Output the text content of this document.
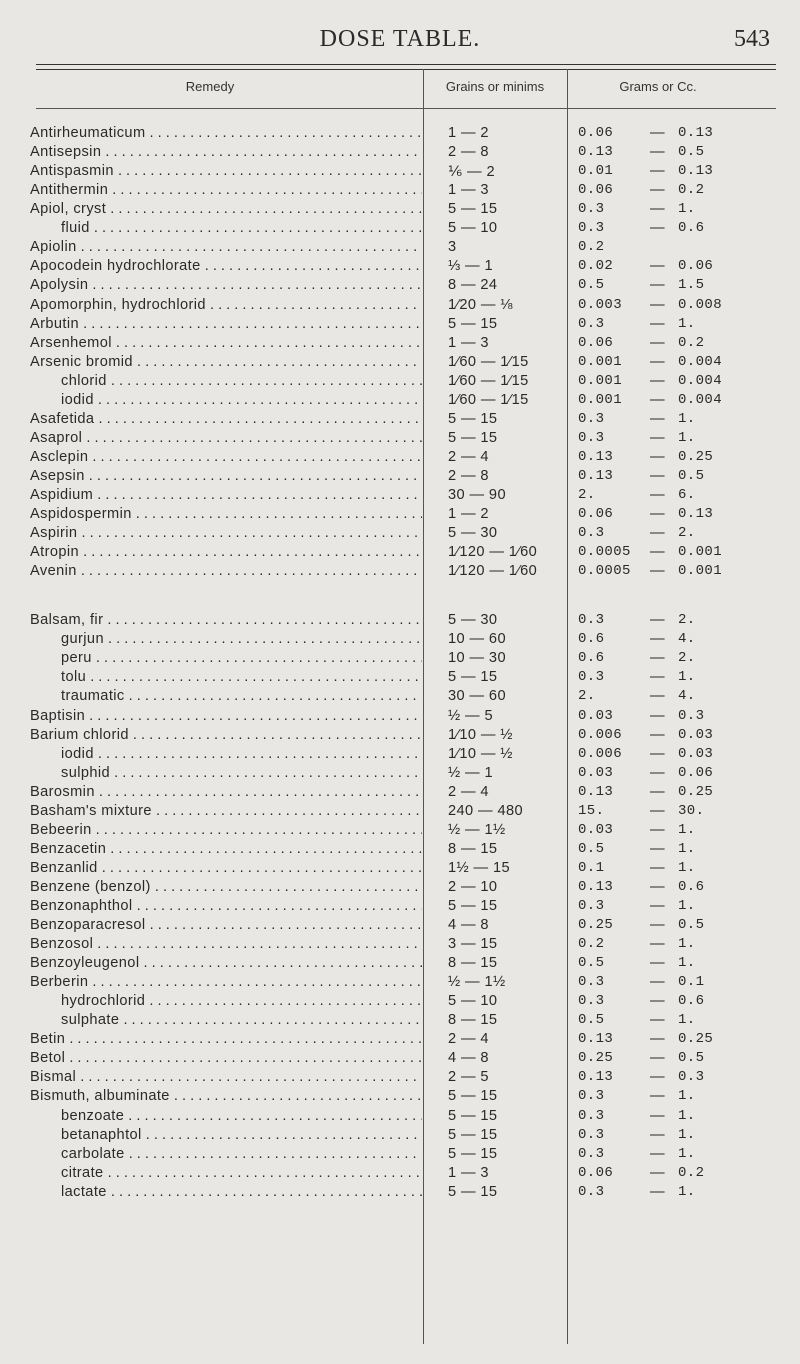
DOSE TABLE.	543
Remedy	Grains or minims	Grams or Cc.
Antirheumaticum . . .	1 — 2	0.06	— 0.13
Antisepsin . . .	2 — 8	0.13	— 0.5
Antispasmin . . .	⅙ — 2	0.01	— 0.13
Antithermin . . .	1 — 3	0.06	— 0.2
Apiol, cryst . . .	5 — 15	0.3	— 1.
fluid . . .	5 — 10	0.3	— 0.6
Apiolin . . .	3	0.2
Apocodein hydrochlorate . . .	⅓ — 1	0.02	— 0.06
Apolysin . . .	8 — 24	0.5	— 1.5
Apomorphin, hydrochlorid . . .	1⁄20 — ⅛	0.003	— 0.008
Arbutin . . .	5 — 15	0.3	— 1.
Arsenhemol . . .	1 — 3	0.06	— 0.2
Arsenic bromid . . .	1⁄60 — 1⁄15	0.001	— 0.004
chlorid . . .	1⁄60 — 1⁄15	0.001	— 0.004
iodid . . .	1⁄60 — 1⁄15	0.001	— 0.004
Asafetida . . .	5 — 15	0.3	— 1.
Asaprol . . .	5 — 15	0.3	— 1.
Asclepin . . .	2 — 4	0.13	— 0.25
Asepsin . . .	2 — 8	0.13	— 0.5
Aspidium . . .	30 — 90	2.	— 6.
Aspidospermin . . .	1 — 2	0.06	— 0.13
Aspirin . . .	5 — 30	0.3	— 2.
Atropin . . .	1⁄120 — 1⁄60	0.0005	— 0.001
Avenin . . .	1⁄120 — 1⁄60	0.0005	— 0.001
Balsam, fir . . .	5 — 30	0.3	— 2.
gurjun . . .	10 — 60	0.6	— 4.
peru . . .	10 — 30	0.6	— 2.
tolu . . .	5 — 15	0.3	— 1.
traumatic . . .	30 — 60	2.	— 4.
Baptisin . . .	½ — 5	0.03	— 0.3
Barium chlorid . . .	1⁄10 — ½	0.006	— 0.03
iodid . . .	1⁄10 — ½	0.006	— 0.03
sulphid . . .	½ — 1	0.03	— 0.06
Barosmin . . .	2 — 4	0.13	— 0.25
Basham's mixture . . .	240 — 480	15.	— 30.
Bebeerin . . .	½ — 1½	0.03	— 1.
Benzacetin . . .	8 — 15	0.5	— 1.
Benzanlid . . .	1½ — 15	0.1	— 1.
Benzene (benzol) . . .	2 — 10	0.13	— 0.6
Benzonaphthol . . .	5 — 15	0.3	— 1.
Benzoparacresol . . .	4 — 8	0.25	— 0.5
Benzosol . . .	3 — 15	0.2	— 1.
Benzoyleugenol . . .	8 — 15	0.5	— 1.
Berberin . . .	½ — 1½	0.3	— 0.1
hydrochlorid . . .	5 — 10	0.3	— 0.6
sulphate . . .	8 — 15	0.5	— 1.
Betin . . .	2 — 4	0.13	— 0.25
Betol . . .	4 — 8	0.25	— 0.5
Bismal . . .	2 — 5	0.13	— 0.3
Bismuth, albuminate . . .	5 — 15	0.3	— 1.
benzoate . . .	5 — 15	0.3	— 1.
betanaphtol . . .	5 — 15	0.3	— 1.
carbolate . . .	5 — 15	0.3	— 1.
citrate . . .	1 — 3	0.06	— 0.2
lactate . . .	5 — 15	0.3	— 1.
